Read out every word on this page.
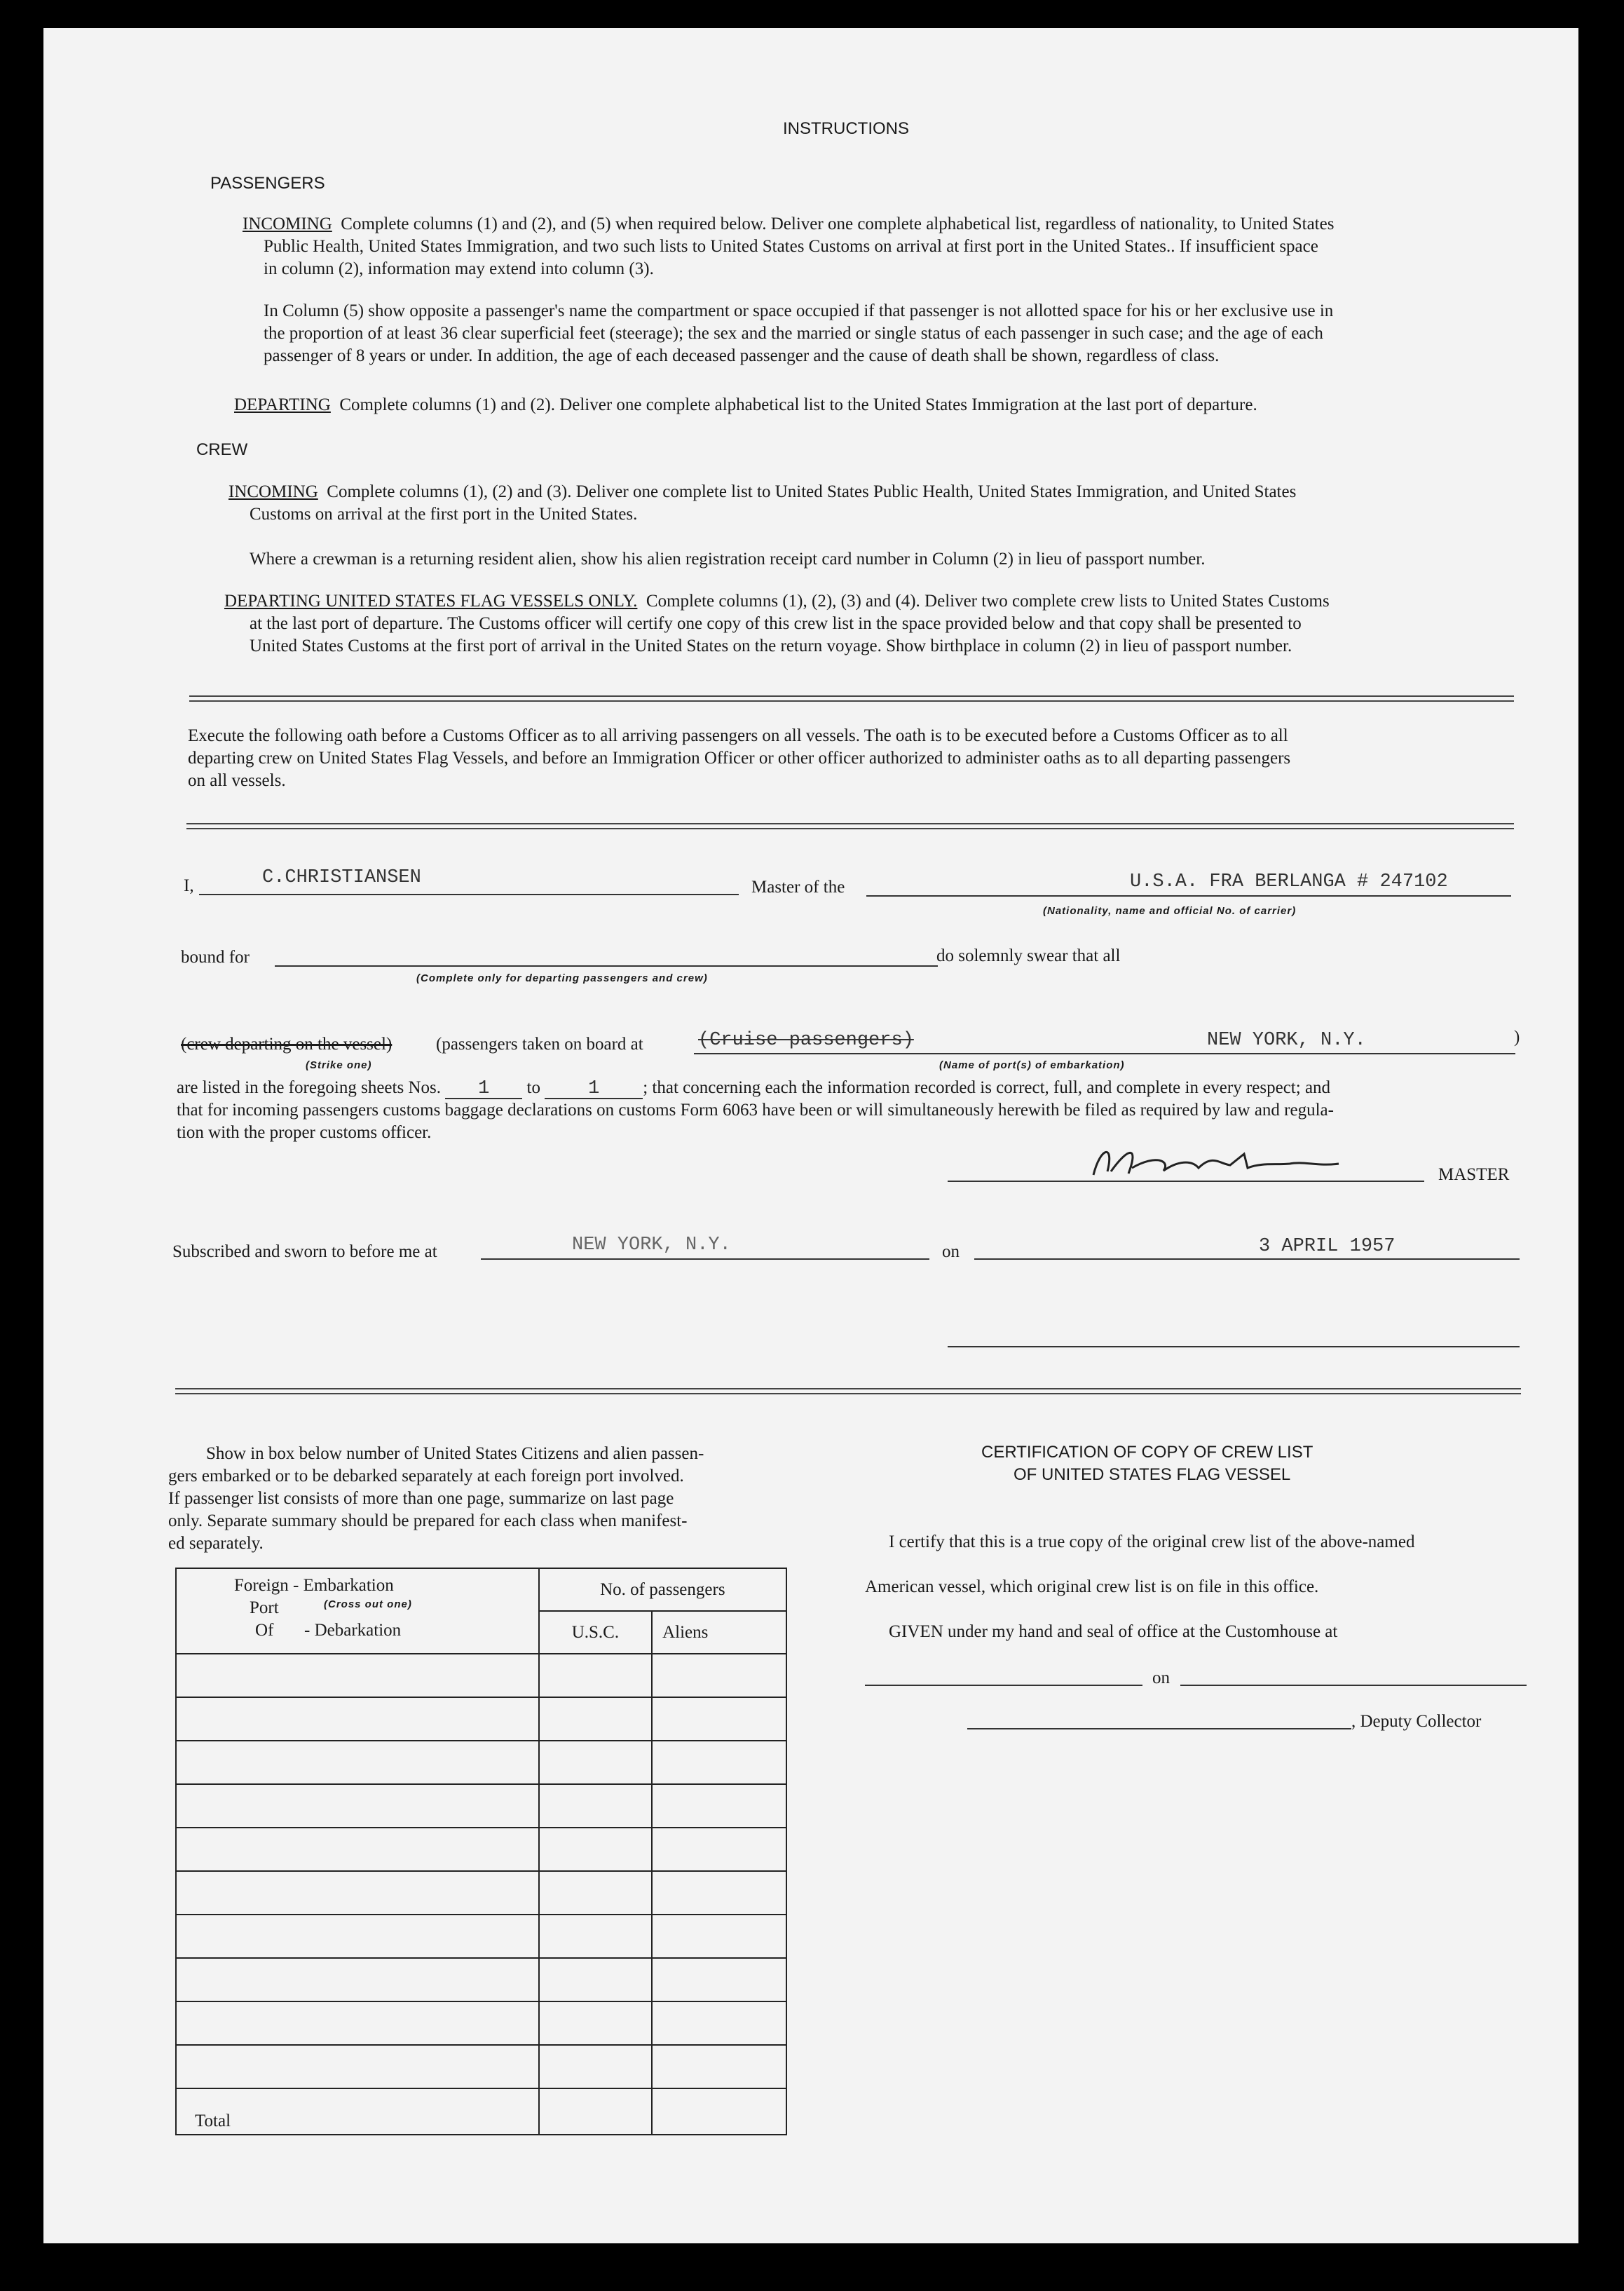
INSTRUCTIONS
PASSENGERS
INCOMING Complete columns (1) and (2), and (5) when required below. Deliver one complete alphabetical list, regardless of nationality, to United States
Public Health, United States Immigration, and two such lists to United States Customs on arrival at first port in the United States.. If insufficient space
in column (2), information may extend into column (3).
In Column (5) show opposite a passenger's name the compartment or space occupied if that passenger is not allotted space for his or her exclusive use in
the proportion of at least 36 clear superficial feet (steerage); the sex and the married or single status of each passenger in such case; and the age of each
passenger of 8 years or under. In addition, the age of each deceased passenger and the cause of death shall be shown, regardless of class.
DEPARTING Complete columns (1) and (2). Deliver one complete alphabetical list to the United States Immigration at the last port of departure.
CREW
INCOMING Complete columns (1), (2) and (3). Deliver one complete list to United States Public Health, United States Immigration, and United States
Customs on arrival at the first port in the United States.
Where a crewman is a returning resident alien, show his alien registration receipt card number in Column (2) in lieu of passport number.
DEPARTING UNITED STATES FLAG VESSELS ONLY. Complete columns (1), (2), (3) and (4). Deliver two complete crew lists to United States Customs
at the last port of departure. The Customs officer will certify one copy of this crew list in the space provided below and that copy shall be presented to
United States Customs at the first port of arrival in the United States on the return voyage. Show birthplace in column (2) in lieu of passport number.
Execute the following oath before a Customs Officer as to all arriving passengers on all vessels. The oath is to be executed before a Customs Officer as to all
departing crew on United States Flag Vessels, and before an Immigration Officer or other officer authorized to administer oaths as to all departing passengers
on all vessels.
I,	C.CHRISTIANSEN	Master of the	U.S.A. FRA BERLANGA # 247102
(Nationality, name and official No. of carrier)
bound for
(Complete only for departing passengers and crew)
do solemnly swear that all
(crew departing on the vessel)
(Strike one)
(passengers taken on board at	(Cruise passengers)
(Name of port(s) of embarkation)
NEW YORK, N.Y.	)
are listed in the foregoing sheets Nos. 1 to	1 ; that concerning each the information recorded is correct, full, and complete in every respect; and
that for incoming passengers customs baggage declarations on customs Form 6063 have been or will simultaneously herewith be filed as required by law and regula-
tion with the proper customs officer.
MASTER
Subscribed and sworn to before me at	NEW YORK, N.Y.	on	3 APRIL 1957
Show in box below number of United States Citizens and alien passen-
gers embarked or to be debarked separately at each foreign port involved.
If passenger list consists of more than one page, summarize on last page
only. Separate summary should be prepared for each class when manifest-
ed separately.
Foreign - Embarkation
Port (Cross out one)
Of - Debarkation	No. of passengers	
	U.S.C.	Aliens

Total		
CERTIFICATION OF COPY OF CREW LIST
OF UNITED STATES FLAG VESSEL
I certify that this is a true copy of the original crew list of the above-named
American vessel, which original crew list is on file in this office.
GIVEN under my hand and seal of office at the Customhouse at
on
, Deputy Collector
